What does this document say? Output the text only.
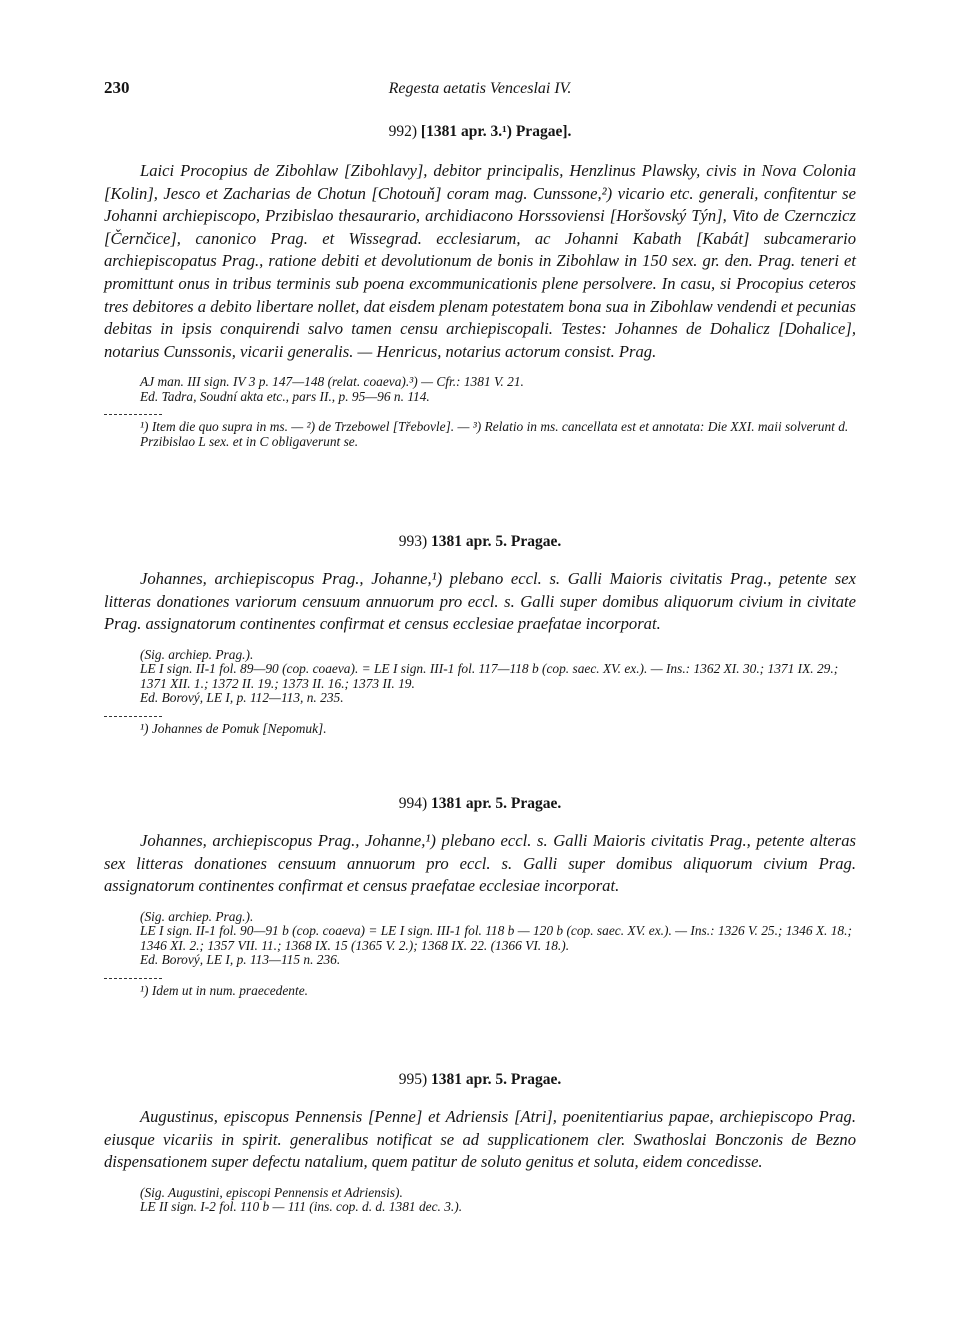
230	Regesta aetatis Venceslai IV.

992) [1381 apr. 3.¹) Pragae].

Laici Procopius de Zibohlaw [Zibohlavy], debitor principalis, Henzlinus Plawsky, civis in Nova Colonia [Kolin], Jesco et Zacharias de Chotun [Chotouň] coram mag. Cunssone,²) vicario etc. generali, confitentur se Johanni archiepiscopo, Przibislao thesaurario, archidiacono Horssoviensi [Horšovský Týn], Vito de Czernczicz [Černčice], canonico Prag. et Wissegrad. ecclesiarum, ac Johanni Kabath [Kabát] subcamerario archiepiscopatus Prag., ratione debiti et devolutionum de bonis in Zibohlaw in 150 sex. gr. den. Prag. teneri et promittunt onus in tribus terminis sub poena excommunicationis plene persolvere. In casu, si Procopius ceteros tres debitores a debito libertare nollet, dat eisdem plenam potestatem bona sua in Zibohlaw vendendi et pecunias debitas in ipsis conquirendi salvo tamen censu archiepiscopali. Testes: Johannes de Dohalicz [Dohalice], notarius Cunssonis, vicarii generalis. — Henricus, notarius actorum consist. Prag.

AJ man. III sign. IV 3 p. 147—148 (relat. coaeva).³) — Cfr.: 1381 V. 21.
Ed. Tadra, Soudní akta etc., pars II., p. 95—96 n. 114.
¹) Item die quo supra in ms. — ²) de Trzebowel [Třebovle]. — ³) Relatio in ms. cancellata est et annotata: Die XXI. maii solverunt d. Przibislao L sex. et in C obligaverunt se.

993) 1381 apr. 5. Pragae.

Johannes, archiepiscopus Prag., Johanne,¹) plebano eccl. s. Galli Maioris civitatis Prag., petente sex litteras donationes variorum censuum annuorum pro eccl. s. Galli super domibus aliquorum civium in civitate Prag. assignatorum continentes confirmat et census ecclesiae praefatae incorporat.

(Sig. archiep. Prag.).
LE I sign. II-1 fol. 89—90 (cop. coaeva). = LE I sign. III-1 fol. 117—118 b (cop. saec. XV. ex.). — Ins.: 1362 XI. 30.; 1371 IX. 29.; 1371 XII. 1.; 1372 II. 19.; 1373 II. 16.; 1373 II. 19.
Ed. Borový, LE I, p. 112—113, n. 235.
¹) Johannes de Pomuk [Nepomuk].

994) 1381 apr. 5. Pragae.

Johannes, archiepiscopus Prag., Johanne,¹) plebano eccl. s. Galli Maioris civitatis Prag., petente alteras sex litteras donationes censuum annuorum pro eccl. s. Galli super domibus aliquorum civium Prag. assignatorum continentes confirmat et census praefatae ecclesiae incorporat.

(Sig. archiep. Prag.).
LE I sign. II-1 fol. 90—91 b (cop. coaeva) = LE I sign. III-1 fol. 118 b — 120 b (cop. saec. XV. ex.). — Ins.: 1326 V. 25.; 1346 X. 18.; 1346 XI. 2.; 1357 VII. 11.; 1368 IX. 15 (1365 V. 2.); 1368 IX. 22. (1366 VI. 18.).
Ed. Borový, LE I, p. 113—115 n. 236.
¹) Idem ut in num. praecedente.

995) 1381 apr. 5. Pragae.

Augustinus, episcopus Pennensis [Penne] et Adriensis [Atri], poenitentiarius papae, archiepiscopo Prag. eiusque vicariis in spirit. generalibus notificat se ad supplicationem cler. Swathoslai Bonczonis de Bezno dispensationem super defectu natalium, quem patitur de soluto genitus et soluta, eidem concedisse.

(Sig. Augustini, episcopi Pennensis et Adriensis).
LE II sign. I-2 fol. 110 b — 111 (ins. cop. d. d. 1381 dec. 3.).
